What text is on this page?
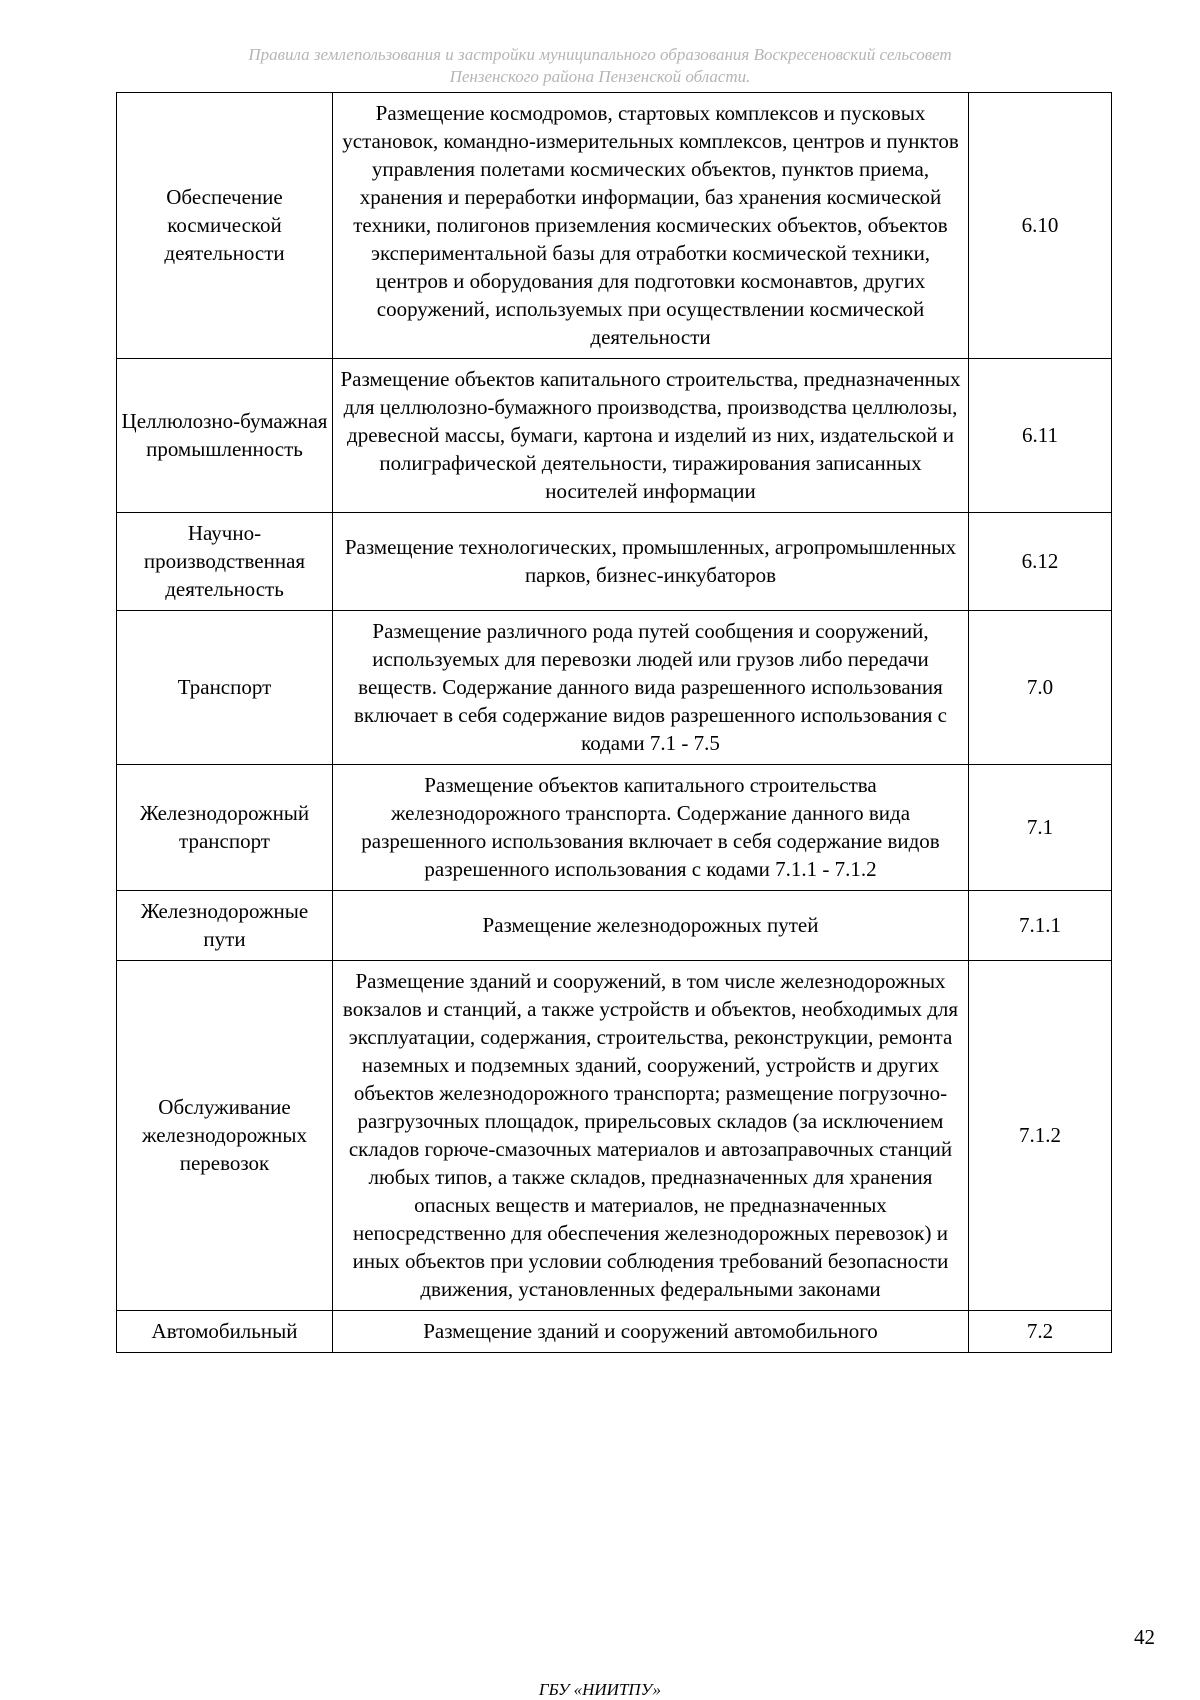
Правила землепользования и застройки муниципального образования Воскресеновский сельсовет
Пензенского района Пензенской области.
Обеспечение космической деятельности	Размещение космодромов, стартовых комплексов и пусковых установок, командно-измерительных комплексов, центров и пунктов управления полетами космических объектов, пунктов приема, хранения и переработки информации, баз хранения космической техники, полигонов приземления космических объектов, объектов экспериментальной базы для отработки космической техники, центров и оборудования для подготовки космонавтов, других сооружений, используемых при осуществлении космической деятельности	6.10
Целлюлозно-бумажная промышленность	Размещение объектов капитального строительства, предназначенных для целлюлозно-бумажного производства, производства целлюлозы, древесной массы, бумаги, картона и изделий из них, издательской и полиграфической деятельности, тиражирования записанных носителей информации	6.11
Научно-производственная деятельность	Размещение технологических, промышленных, агропромышленных парков, бизнес-инкубаторов	6.12
Транспорт	Размещение различного рода путей сообщения и сооружений, используемых для перевозки людей или грузов либо передачи веществ. Содержание данного вида разрешенного использования включает в себя содержание видов разрешенного использования с кодами 7.1 - 7.5	7.0
Железнодорожный транспорт	Размещение объектов капитального строительства железнодорожного транспорта. Содержание данного вида разрешенного использования включает в себя содержание видов разрешенного использования с кодами 7.1.1 - 7.1.2	7.1
Железнодорожные пути	Размещение железнодорожных путей	7.1.1
Обслуживание железнодорожных перевозок	Размещение зданий и сооружений, в том числе железнодорожных вокзалов и станций, а также устройств и объектов, необходимых для эксплуатации, содержания, строительства, реконструкции, ремонта наземных и подземных зданий, сооружений, устройств и других объектов железнодорожного транспорта; размещение погрузочно-разгрузочных площадок, прирельсовых складов (за исключением складов горюче-смазочных материалов и автозаправочных станций любых типов, а также складов, предназначенных для хранения опасных веществ и материалов, не предназначенных непосредственно для обеспечения железнодорожных перевозок) и иных объектов при условии соблюдения требований безопасности движения, установленных федеральными законами	7.1.2
Автомобильный	Размещение зданий и сооружений автомобильного	7.2
42
ГБУ «НИИТПУ»
